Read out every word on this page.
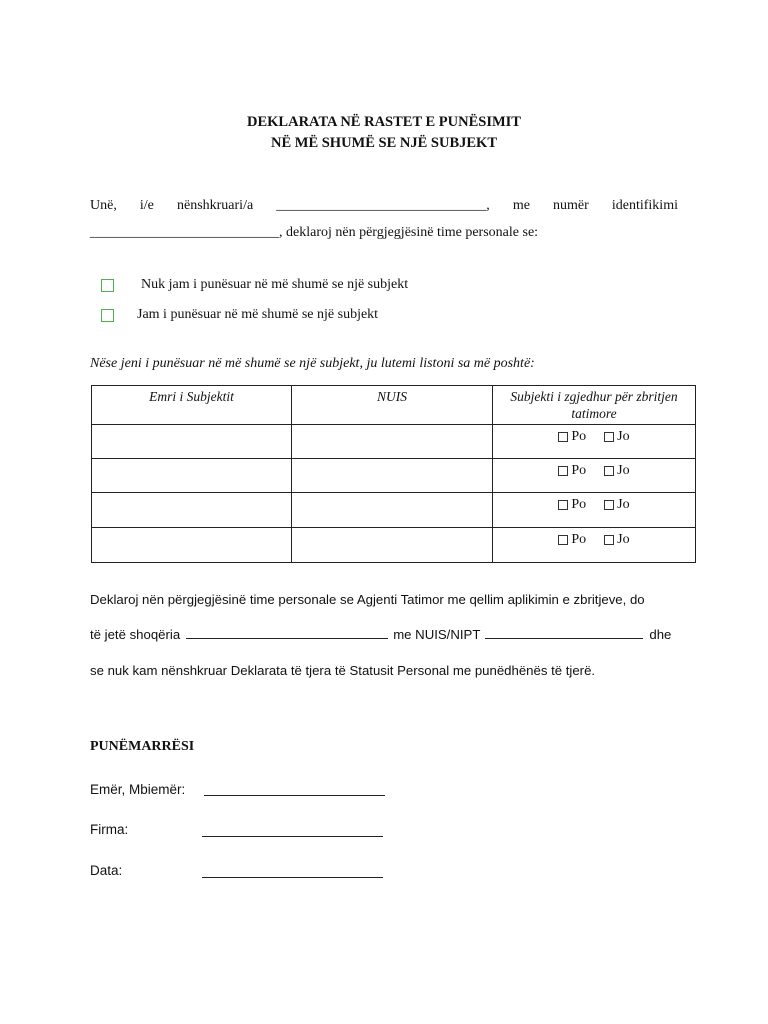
DEKLARATA NË RASTET E PUNËSIMIT
NË MË SHUMË SE NJË SUBJEKT
Unë, i/e nënshkruari/a ______________________________, me numër identifikimi
___________________________, deklaroj nën përgjegjësinë time personale se:
Nuk jam i punësuar në më shumë se një subjekt
Jam i punësuar në më shumë se një subjekt
Nëse jeni i punësuar në më shumë se një subjekt, ju lutemi listoni sa më poshtë:
Emri i Subjektit	NUIS	Subjekti i zgjedhur për zbritjen tatimore

		Po Jo

		Po Jo

		Po Jo

		Po Jo
Deklaroj nën përgjegjësinë time personale se Agjenti Tatimor me qellim aplikimin e zbritjeve, do
të jetë shoqëria	me NUIS/NIPT	dhe
se nuk kam nënshkruar Deklarata të tjera të Statusit Personal me punëdhënës të tjerë.
PUNËMARRËSI
Emër, Mbiemër:
Firma:
Data:
